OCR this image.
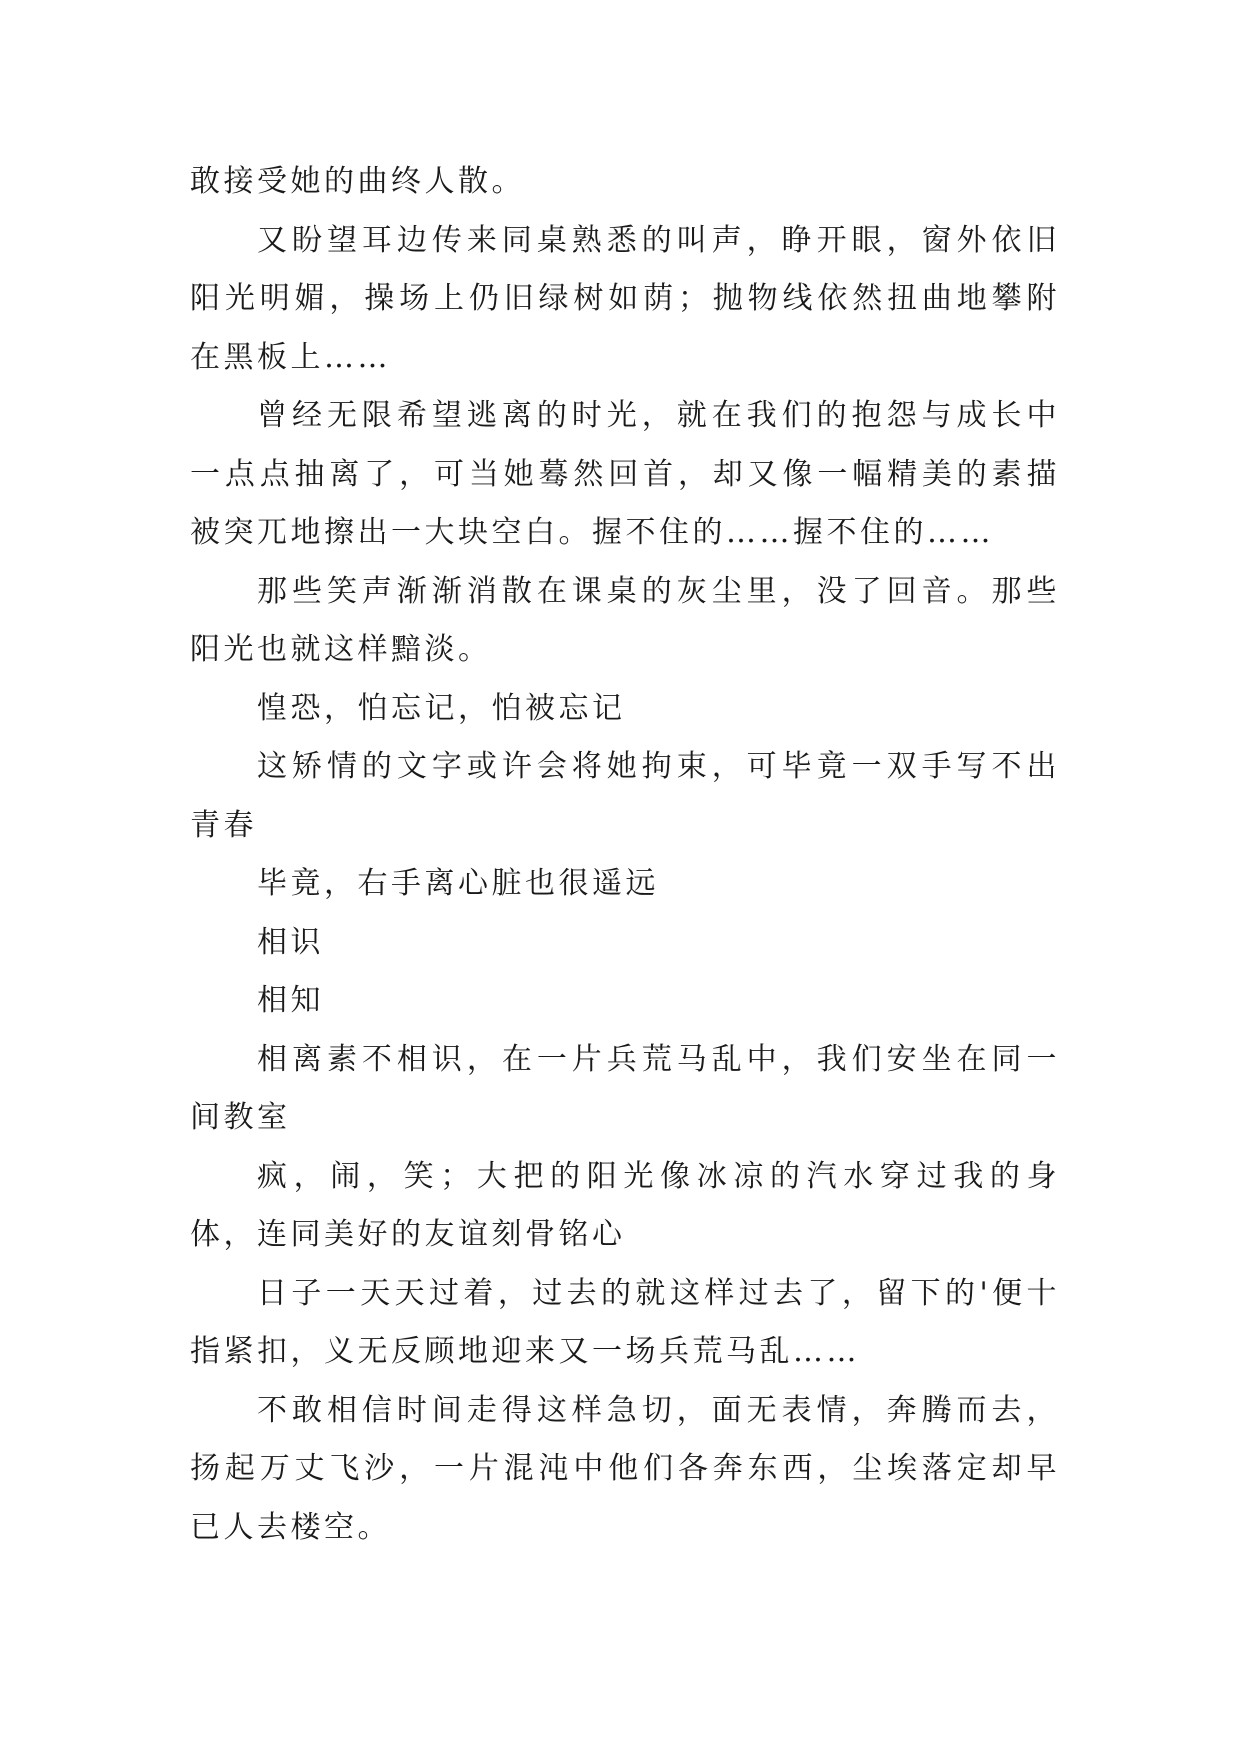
敢接受她的曲终人散。

又盼望耳边传来同桌熟悉的叫声，睁开眼，窗外依旧阳光明媚，操场上仍旧绿树如荫；抛物线依然扭曲地攀附在黑板上……

曾经无限希望逃离的时光，就在我们的抱怨与成长中一点点抽离了，可当她蓦然回首，却又像一幅精美的素描被突兀地擦出一大块空白。握不住的……握不住的……

那些笑声渐渐消散在课桌的灰尘里，没了回音。那些阳光也就这样黯淡。

惶恐，怕忘记，怕被忘记

这矫情的文字或许会将她拘束，可毕竟一双手写不出青春

毕竟，右手离心脏也很遥远

相识

相知

相离素不相识，在一片兵荒马乱中，我们安坐在同一间教室

疯，闹，笑；大把的阳光像冰凉的汽水穿过我的身体，连同美好的友谊刻骨铭心

日子一天天过着，过去的就这样过去了，留下的'便十指紧扣，义无反顾地迎来又一场兵荒马乱……

不敢相信时间走得这样急切，面无表情，奔腾而去，扬起万丈飞沙，一片混沌中他们各奔东西，尘埃落定却早已人去楼空。
